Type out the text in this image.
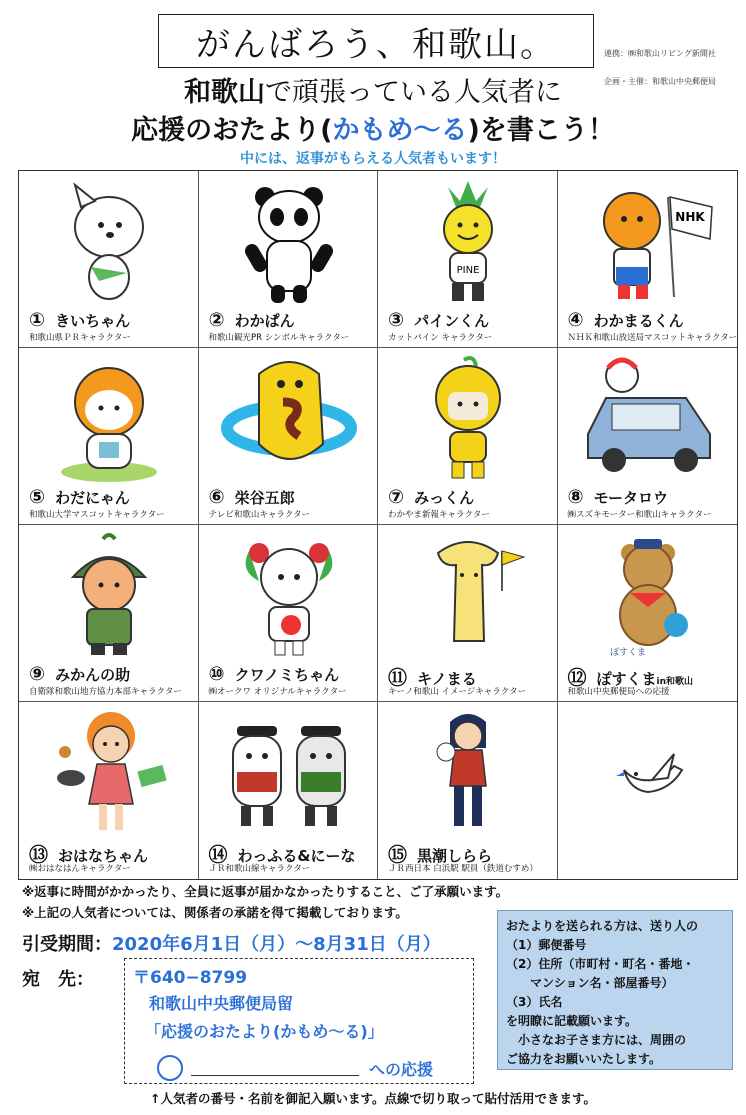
がんばろう、和歌山。	連携：㈱和歌山リビング新聞社
企画・主催：和歌山中央郵便局
和歌山で頑張っている人気者に
応援のおたより(かもめ〜る)を書こう！
中には、返事がもらえる人気者もいます！
① きいちゃん
和歌山県ＰＲキャラクター
② わかぱん
和歌山観光PR シンボルキャラクター
PINE
③ パインくん
カットパイン キャラクター
NHK
④ わかまるくん
ＮＨＫ和歌山放送局マスコットキャラクター
⑤ わだにゃん
和歌山大学マスコットキャラクター
⑥ 栄谷五郎
テレビ和歌山キャラクター
⑦ みっくん
わかやま新報キャラクター
⑧ モータロウ
㈱スズキモーター和歌山キャラクター
⑨ みかんの助
自衛隊和歌山地方協力本部キャラクター
⑩ クワノミちゃん
㈱オークワ オリジナルキャラクター
⑪ キノまる
キーノ和歌山 イメージキャラクター
ぽすくま
⑫ ぽすくまin和歌山
和歌山中央郵便局への応援
⑬ おはなちゃん
㈱おはなはんキャラクター
⑭ わっふる&にーな
ＪＲ和歌山線キャラクター
⑮ 黒潮しらら
ＪＲ西日本 白浜駅 駅員（鉄道むすめ）
※返事に時間がかかったり、全員に返事が届かなかったりすること、ご了承願います。
※上記の人気者については、関係者の承諾を得て掲載しております。
引受期間：2020年6月1日（月）〜8月31日（月）
宛　先： 〒640−8799
和歌山中央郵便局留
「応援のおたより(かもめ〜る)」
への応援
おたよりを送られる方は、送り人の
（1）郵便番号
（2）住所（市町村・町名・番地・
　　マンション名・部屋番号）
（3）氏名
を明瞭に記載願います。
　小さなお子さま方には、周囲の
ご協力をお願いいたします。
↑人気者の番号・名前を御記入願います。点線で切り取って貼付活用できます。
